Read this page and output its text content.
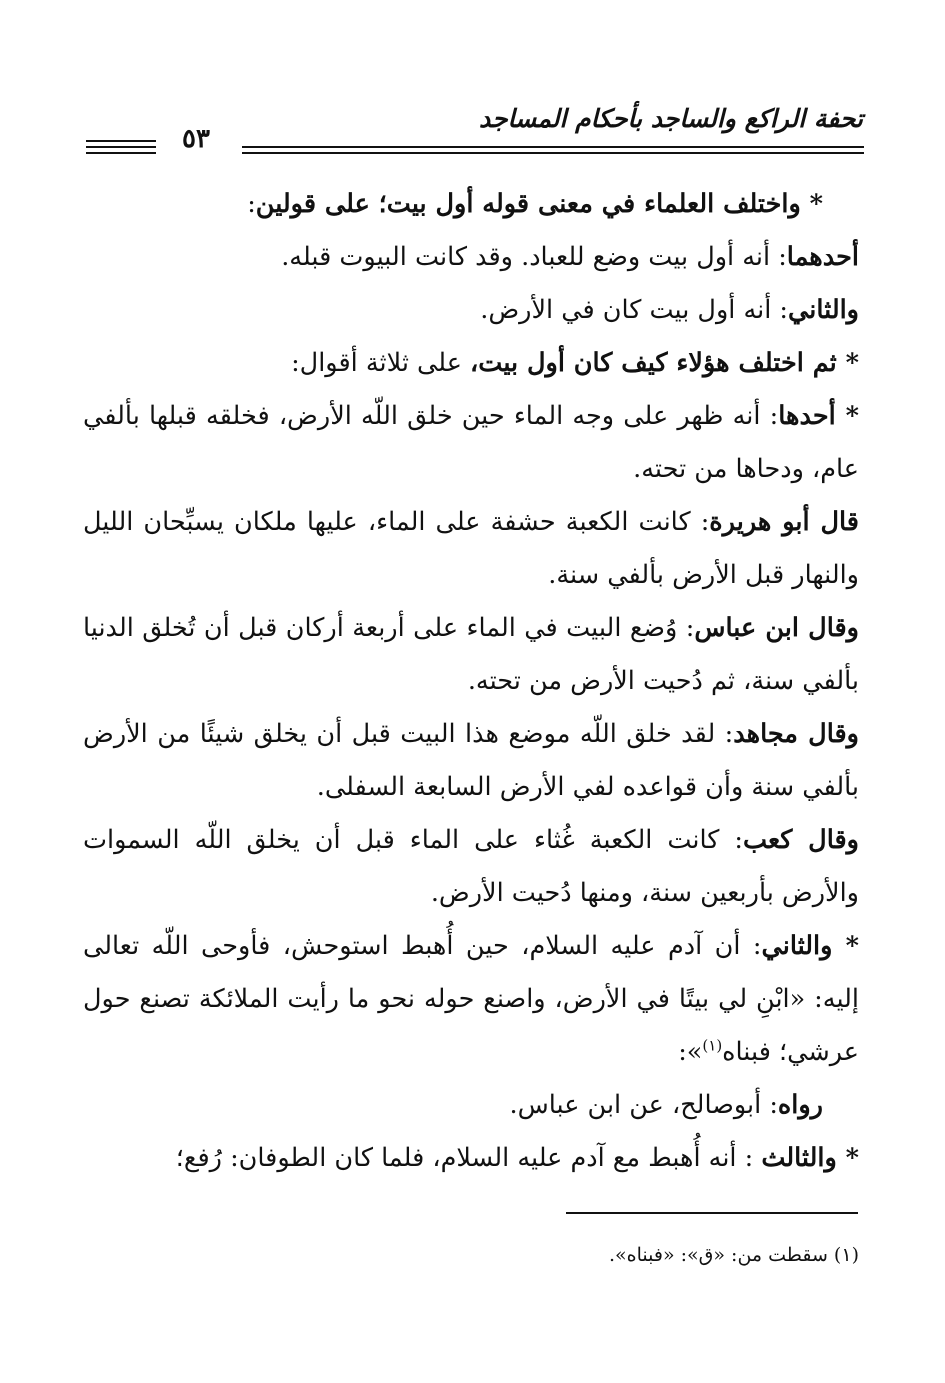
تحفة الراكع والساجد بأحكام المساجد
٥٣

* واختلف العلماء في معنى قوله أول بيت؛ على قولين:

أحدهما: أنه أول بيت وضع للعباد. وقد كانت البيوت قبله.

والثاني: أنه أول بيت كان في الأرض.

* ثم اختلف هؤلاء كيف كان أول بيت، على ثلاثة أقوال:

* أحدها: أنه ظهر على وجه الماء حين خلق اللّه الأرض، فخلقه قبلها بألفي عام، ودحاها من تحته.

قال أبو هريرة: كانت الكعبة حشفة على الماء، عليها ملكان يسبِّحان الليل والنهار قبل الأرض بألفي سنة.

وقال ابن عباس: وُضع البيت في الماء على أربعة أركان قبل أن تُخلق الدنيا بألفي سنة، ثم دُحيت الأرض من تحته.

وقال مجاهد: لقد خلق اللّه موضع هذا البيت قبل أن يخلق شيئًا من الأرض بألفي سنة وأن قواعده لفي الأرض السابعة السفلى.

وقال كعب: كانت الكعبة غُثاء على الماء قبل أن يخلق اللّه السموات والأرض بأربعين سنة، ومنها دُحيت الأرض.

* والثاني: أن آدم عليه السلام، حين أُهبط استوحش، فأوحى اللّه تعالى إليه: «ابْنِ لي بيتًا في الأرض، واصنع حوله نحو ما رأيت الملائكة تصنع حول عرشي؛ فبناه$^{(١)}$»:

رواه: أبوصالح، عن ابن عباس.

* والثالث : أنه أُهبط مع آدم عليه السلام، فلما كان الطوفان: رُفع؛

(١) سقطت من: «ق»: «فبناه».
